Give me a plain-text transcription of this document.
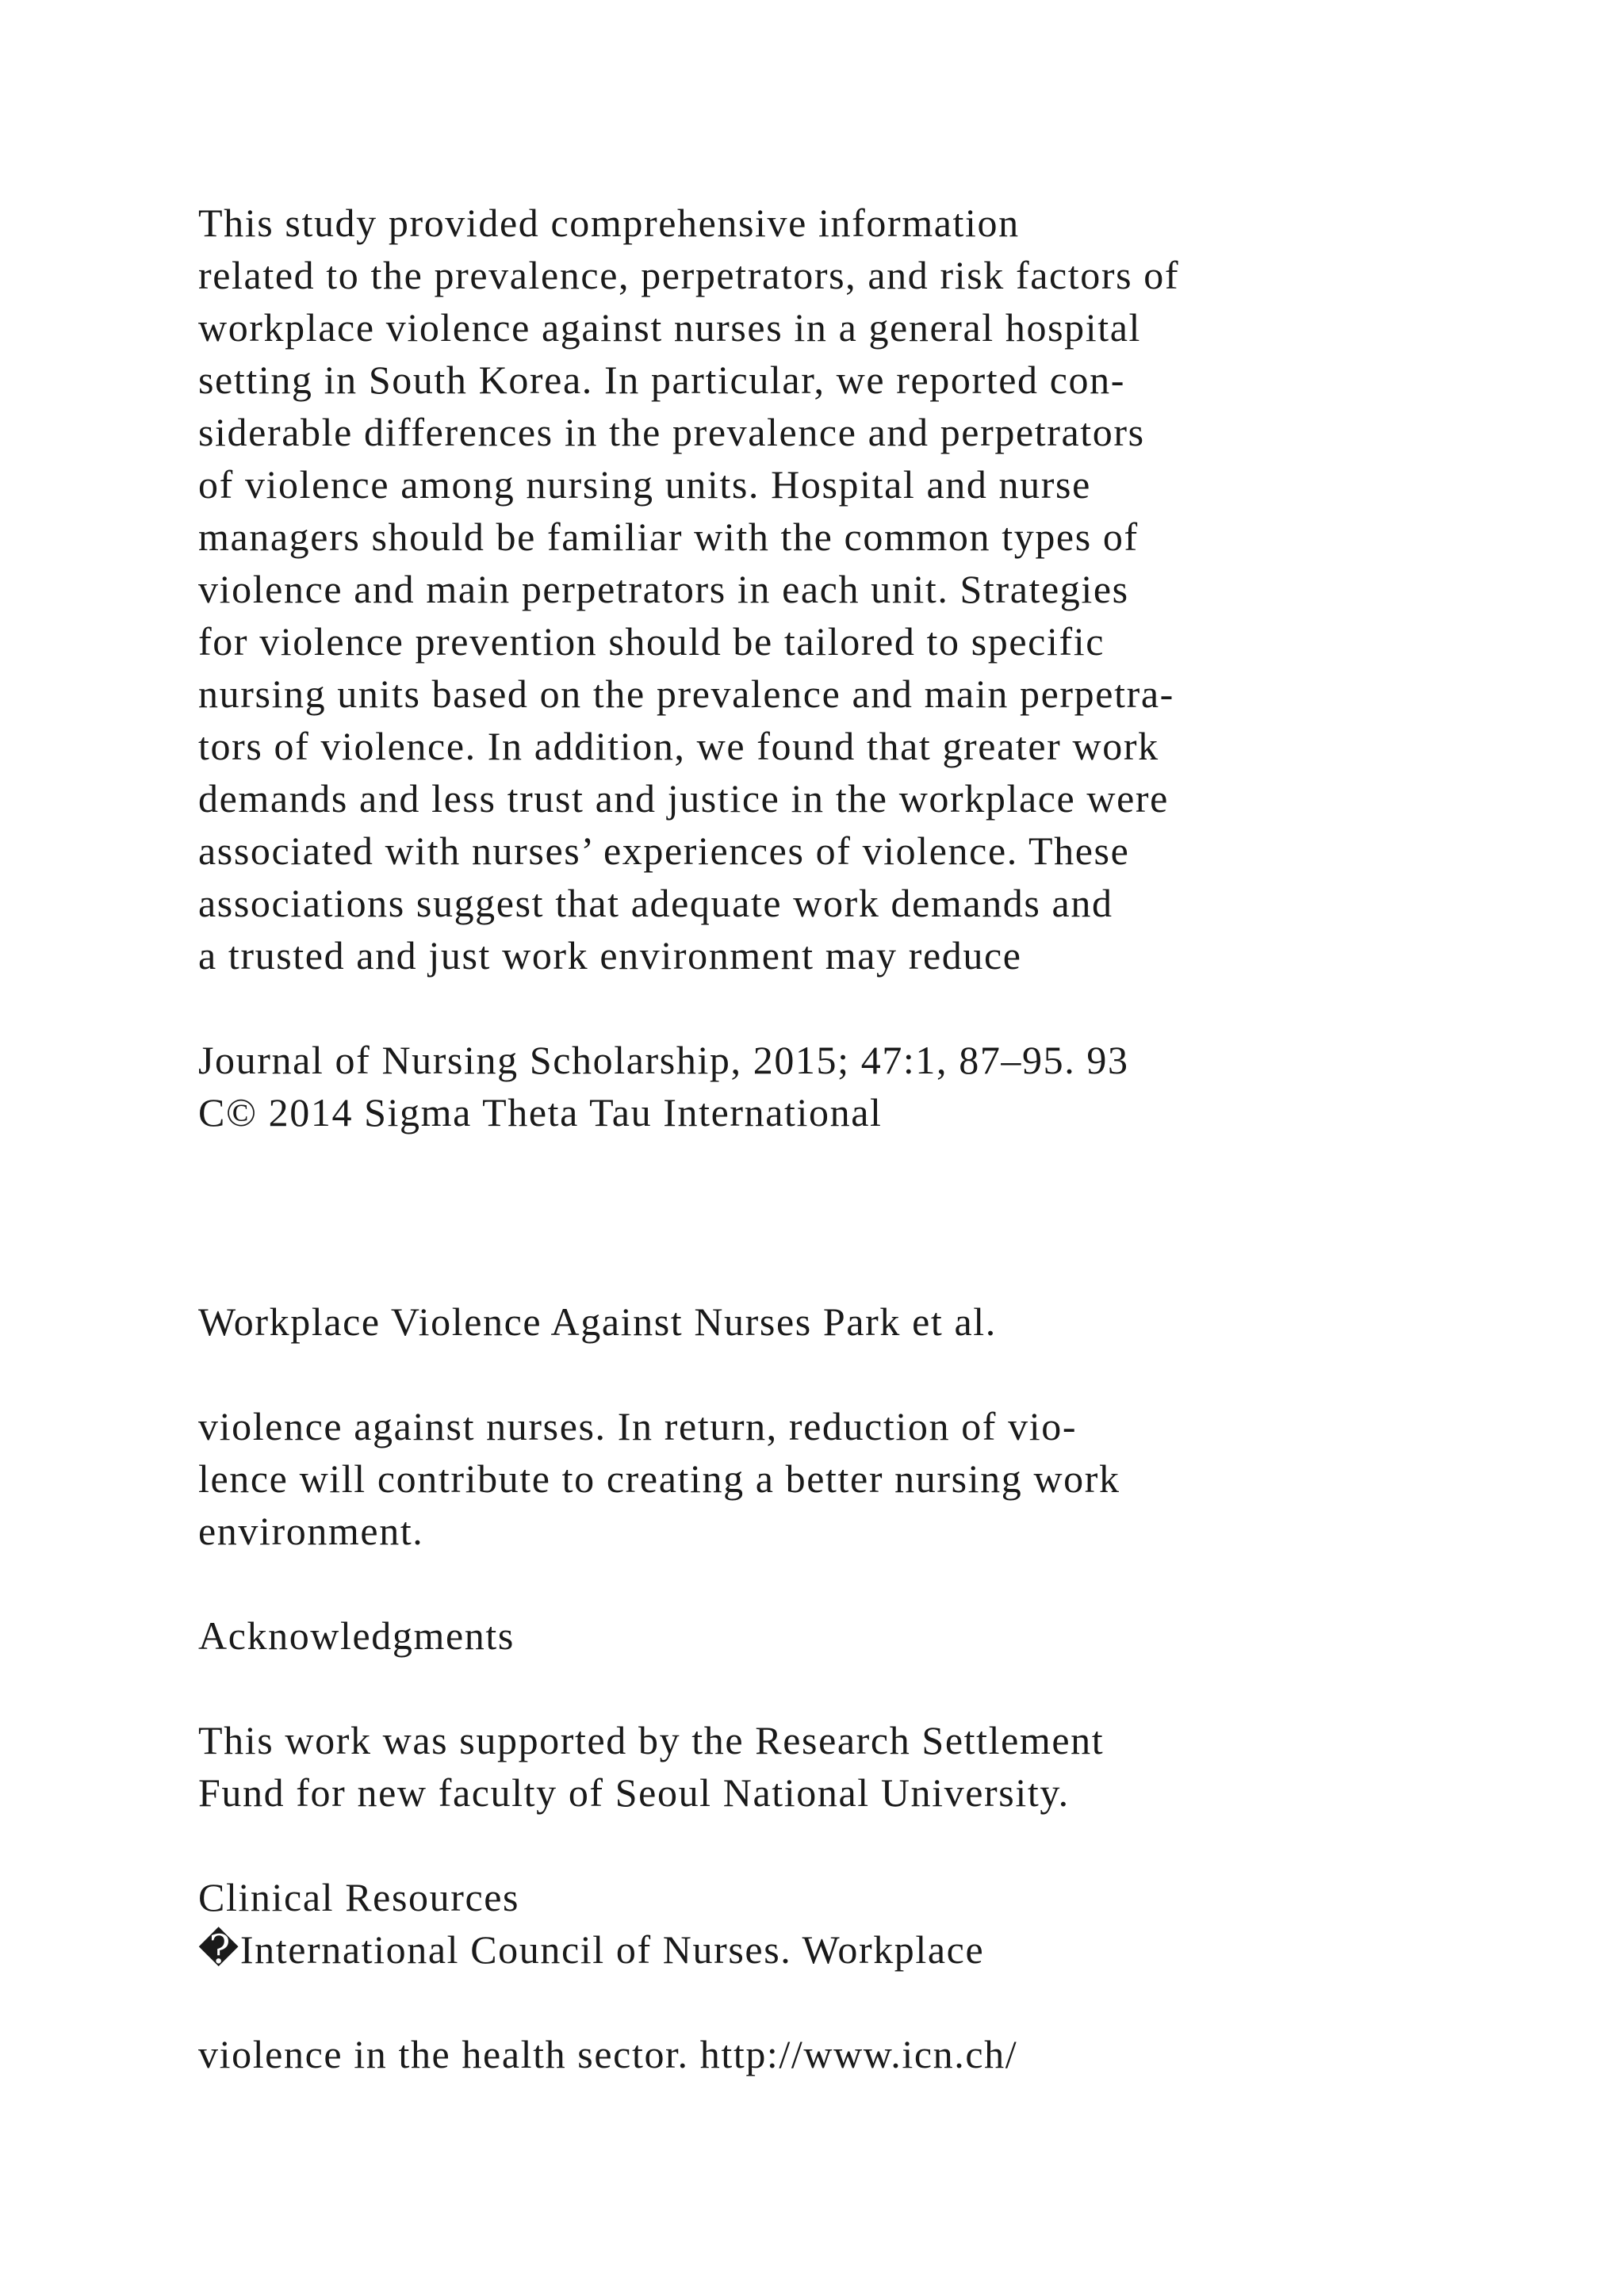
This study provided comprehensive information
related to the prevalence, perpetrators, and risk factors of
workplace violence against nurses in a general hospital
setting in South Korea. In particular, we reported con-
siderable differences in the prevalence and perpetrators
of violence among nursing units. Hospital and nurse
managers should be familiar with the common types of
violence and main perpetrators in each unit. Strategies
for violence prevention should be tailored to specific
nursing units based on the prevalence and main perpetra-
tors of violence. In addition, we found that greater work
demands and less trust and justice in the workplace were
associated with nurses’ experiences of violence. These
associations suggest that adequate work demands and
a trusted and just work environment may reduce
Journal of Nursing Scholarship, 2015; 47:1, 87–95. 93
C© 2014 Sigma Theta Tau International
Workplace Violence Against Nurses Park et al.
violence against nurses. In return, reduction of vio-
lence will contribute to creating a better nursing work
environment.
Acknowledgments
This work was supported by the Research Settlement
Fund for new faculty of Seoul National University.
Clinical Resources
�International Council of Nurses. Workplace
violence in the health sector. http://www.icn.ch/
